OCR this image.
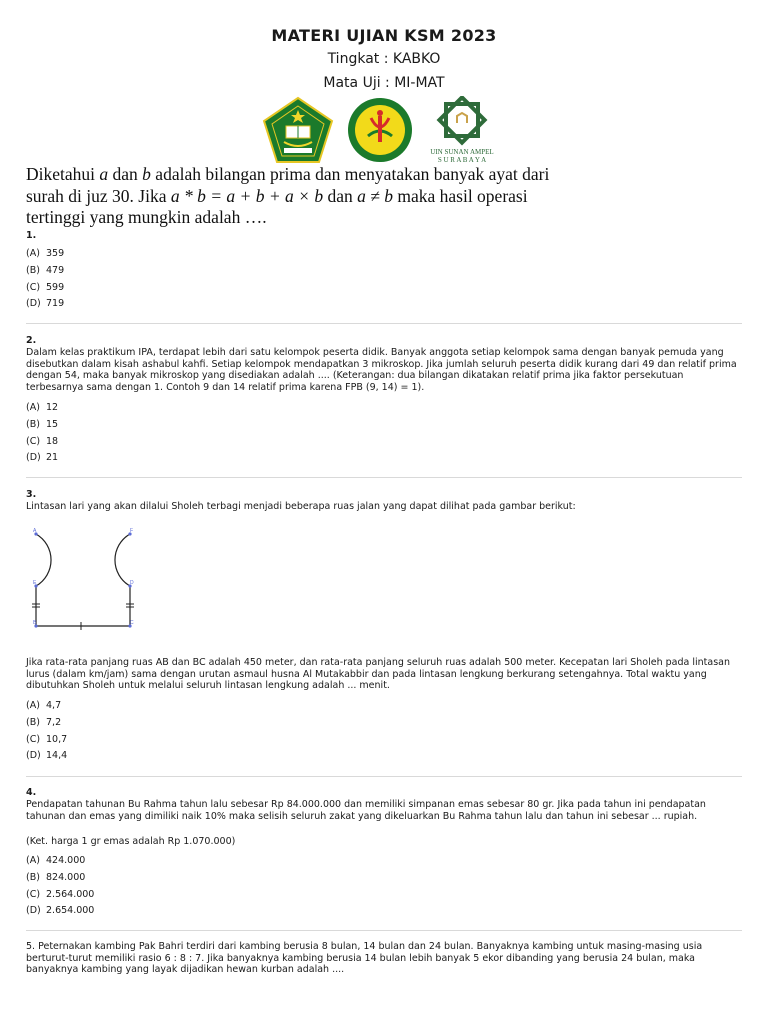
MATERI UJIAN KSM 2023
Tingkat : KABKO
Mata Uji : MI-MAT
UIN SUNAN AMPEL
S U R A B A Y A
Diketahui a dan b adalah bilangan prima dan menyatakan banyak ayat dari surah di juz 30. Jika a * b = a + b + a × b dan a ≠ b maka hasil operasi tertinggi yang mungkin adalah ….
1.
(A) 359
(B) 479
(C) 599
(D) 719
2.
Dalam kelas praktikum IPA, terdapat lebih dari satu kelompok peserta didik. Banyak anggota setiap kelompok sama dengan banyak pemuda yang disebutkan dalam kisah ashabul kahfi. Setiap kelompok mendapatkan 3 mikroskop. Jika jumlah seluruh peserta didik kurang dari 49 dan relatif prima dengan 54, maka banyak mikroskop yang disediakan adalah .... (Keterangan: dua bilangan dikatakan relatif prima jika faktor persekutuan terbesarnya sama dengan 1. Contoh 9 dan 14 relatif prima karena FPB (9, 14) = 1).
(A) 12
(B) 15
(C) 18
(D) 21
3.
Lintasan lari yang akan dilalui Sholeh terbagi menjadi beberapa ruas jalan yang dapat dilihat pada gambar berikut:
A	F
E	D
B	C
Jika rata-rata panjang ruas AB dan BC adalah 450 meter, dan rata-rata panjang seluruh ruas adalah 500 meter. Kecepatan lari Sholeh pada lintasan lurus (dalam km/jam) sama dengan urutan asmaul husna Al Mutakabbir dan pada lintasan lengkung berkurang setengahnya. Total waktu yang dibutuhkan Sholeh untuk melalui seluruh lintasan lengkung adalah ... menit.
(A) 4,7
(B) 7,2
(C) 10,7
(D) 14,4
4.
Pendapatan tahunan Bu Rahma tahun lalu sebesar Rp 84.000.000 dan memiliki simpanan emas sebesar 80 gr. Jika pada tahun ini pendapatan tahunan dan emas yang dimiliki naik 10% maka selisih seluruh zakat yang dikeluarkan Bu Rahma tahun lalu dan tahun ini sebesar ... rupiah.
(Ket. harga 1 gr emas adalah Rp 1.070.000)
(A) 424.000
(B) 824.000
(C) 2.564.000
(D) 2.654.000
5. Peternakan kambing Pak Bahri terdiri dari kambing berusia 8 bulan, 14 bulan dan 24 bulan. Banyaknya kambing untuk masing-masing usia berturut-turut memiliki rasio 6 : 8 : 7. Jika banyaknya kambing berusia 14 bulan lebih banyak 5 ekor dibanding yang berusia 24 bulan, maka banyaknya kambing yang layak dijadikan hewan kurban adalah ....
